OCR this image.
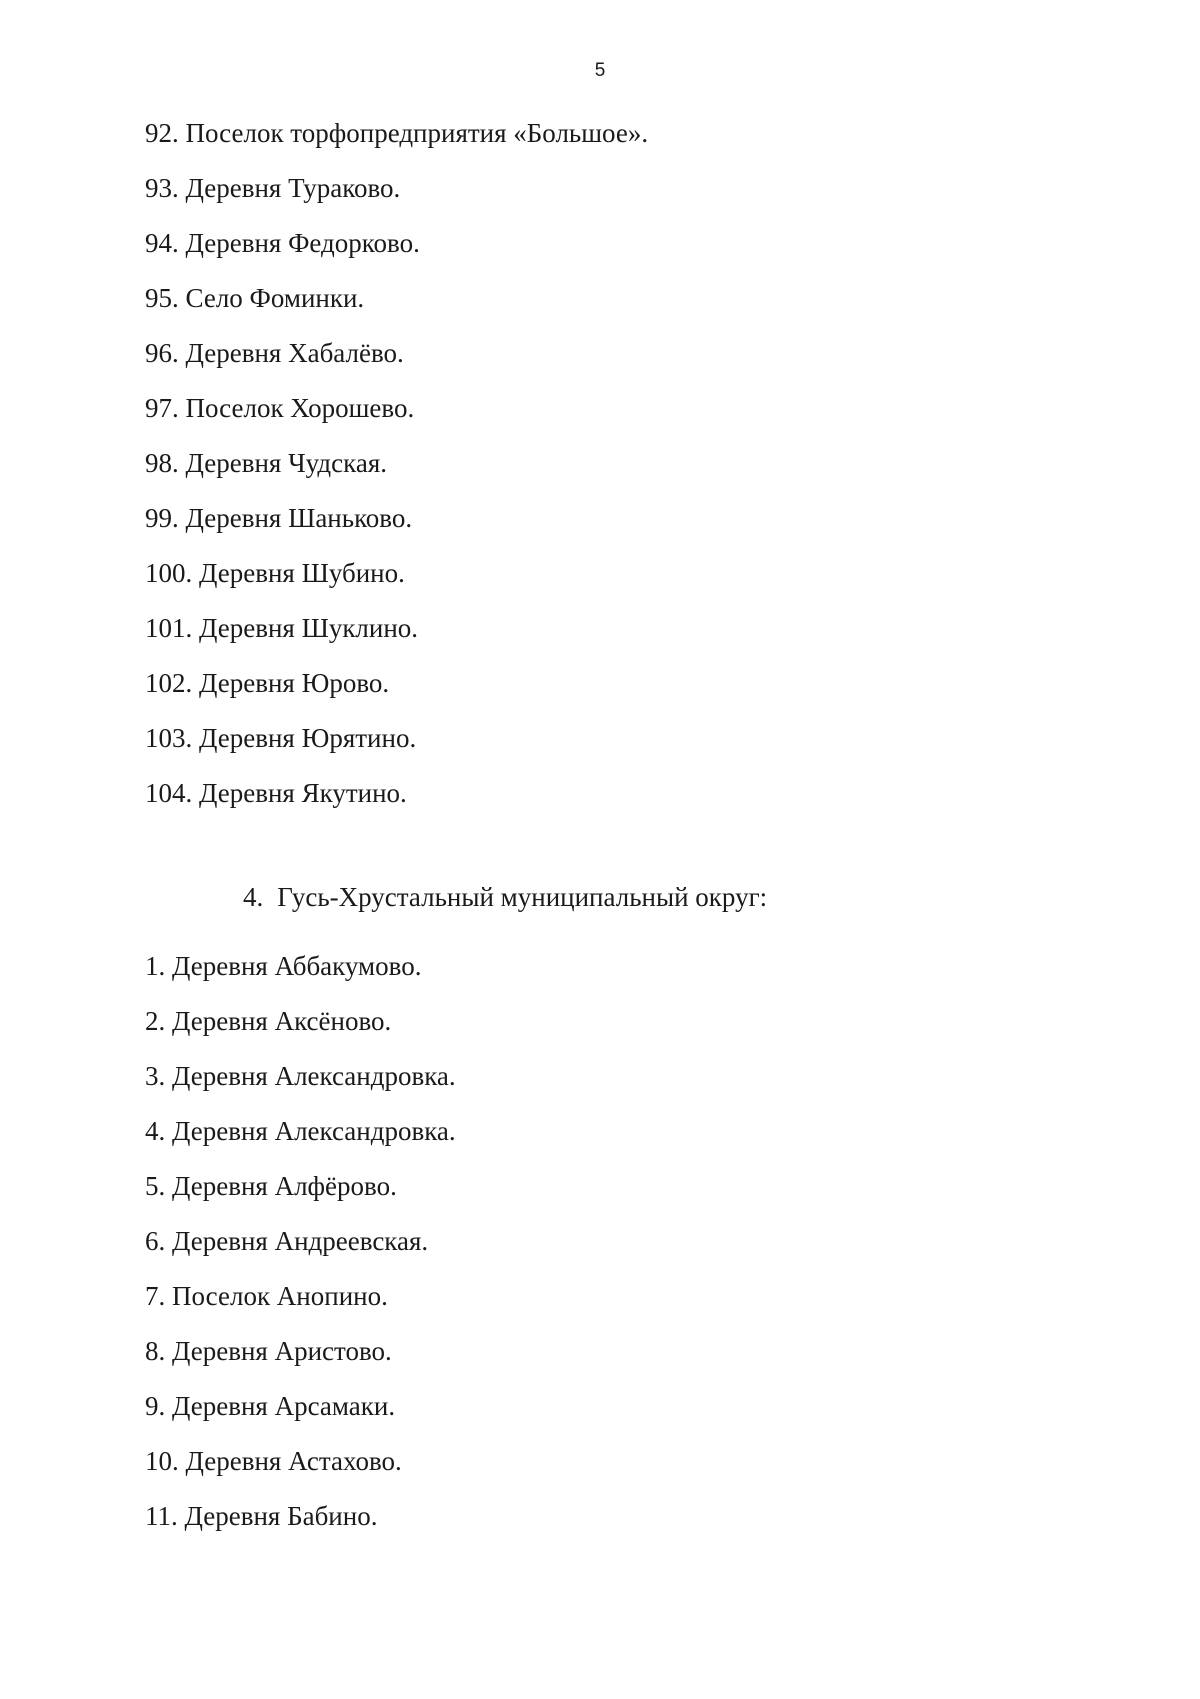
5
92. Поселок торфопредприятия «Большое».
93. Деревня Тураково.
94. Деревня Федорково.
95. Село Фоминки.
96. Деревня Хабалёво.
97. Поселок Хорошево.
98. Деревня Чудская.
99. Деревня Шаньково.
100. Деревня Шубино.
101. Деревня Шуклино.
102. Деревня Юрово.
103. Деревня Юрятино.
104. Деревня Якутино.
4. Гусь-Хрустальный муниципальный округ:
1. Деревня Аббакумово.
2. Деревня Аксёново.
3. Деревня Александровка.
4. Деревня Александровка.
5. Деревня Алфёрово.
6. Деревня Андреевская.
7. Поселок Анопино.
8. Деревня Аристово.
9. Деревня Арсамаки.
10. Деревня Астахово.
11. Деревня Бабино.
